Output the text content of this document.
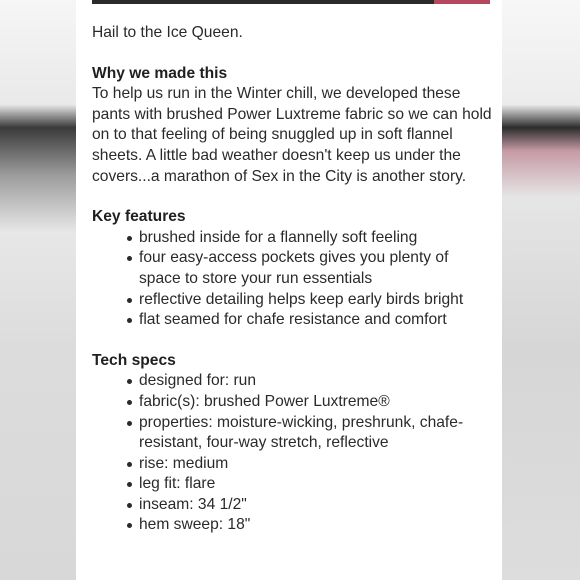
Hail to the Ice Queen.

Why we made this

To help us run in the Winter chill, we developed these pants with brushed Power Luxtreme fabric so we can hold on to that feeling of being snuggled up in soft flannel sheets. A little bad weather doesn't keep us under the covers...a marathon of Sex in the City is another story.

Key features
brushed inside for a flannelly soft feeling
four easy-access pockets gives you plenty of space to store your run essentials
reflective detailing helps keep early birds bright
flat seamed for chafe resistance and comfort
Tech specs
designed for: run
fabric(s): brushed Power Luxtreme®
properties: moisture-wicking, preshrunk, chafe-resistant, four-way stretch, reflective
rise: medium
leg fit: flare
inseam: 34 1/2"
hem sweep: 18"
